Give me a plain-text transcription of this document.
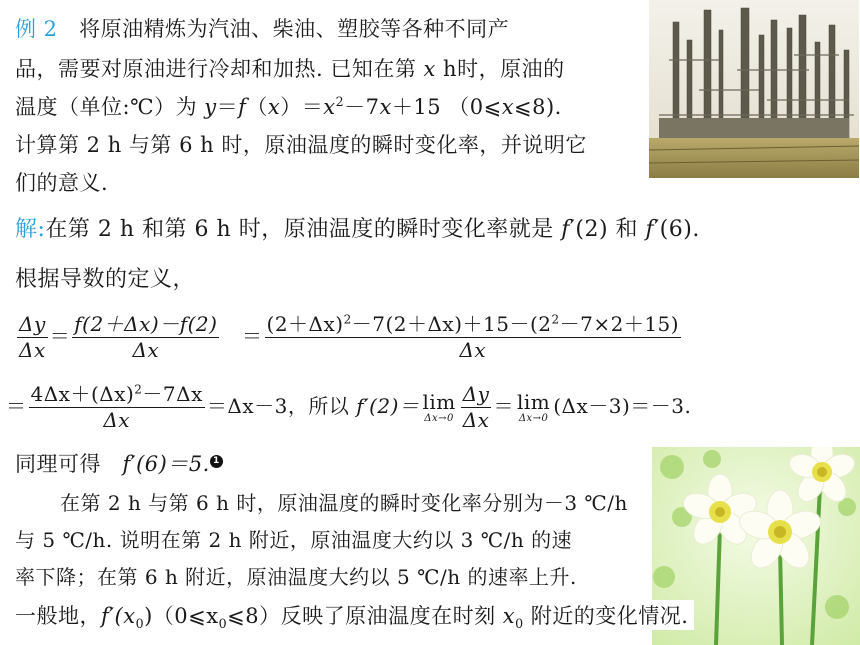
例 2 将原油精炼为汽油、柴油、塑胶等各种不同产
品，需要对原油进行冷却和加热. 已知在第 x h时，原油的
温度（单位:℃）为 $y=f(x)=x^2-7x+15$ （0⩽x⩽8).
计算第 2 h 与第 6 h 时，原油温度的瞬时变化率，并说明它
们的意义.
解:在第 2 h 和第 6 h 时，原油温度的瞬时变化率就是 f′(2) 和 f′(6).
根据导数的定义，
$\frac{\Delta y}{\Delta x} = \frac{f(2+\Delta x)-f(2)}{\Delta x} = \frac{(2+\Delta x)^2-7(2+\Delta x)+15-(2^2-7\times 2+15)}{\Delta x}$
＝ $\frac{4\Delta x+(\Delta x)^2-7\Delta x}{\Delta x} =\Delta x-3$，所以 f′(2)＝ lim
$\Delta x\to 0 \frac{\Delta y}{\Delta x} = \lim$
Δx→0
(Δx－3)＝－3.
同理可得 f′(6)＝5. 1
在第 2 h 与第 6 h 时，原油温度的瞬时变化率分别为－3 ℃/h
与 5 ℃/h. 说明在第 2 h 附近，原油温度大约以 3 ℃/h 的速
率下降；在第 6 h 附近，原油温度大约以 5 ℃/h 的速率上升.
一般地，$f'(x_0)(0⩽x_0⩽8)$反映了原油温度在时刻 $x_0$ 附近的变化情况.
